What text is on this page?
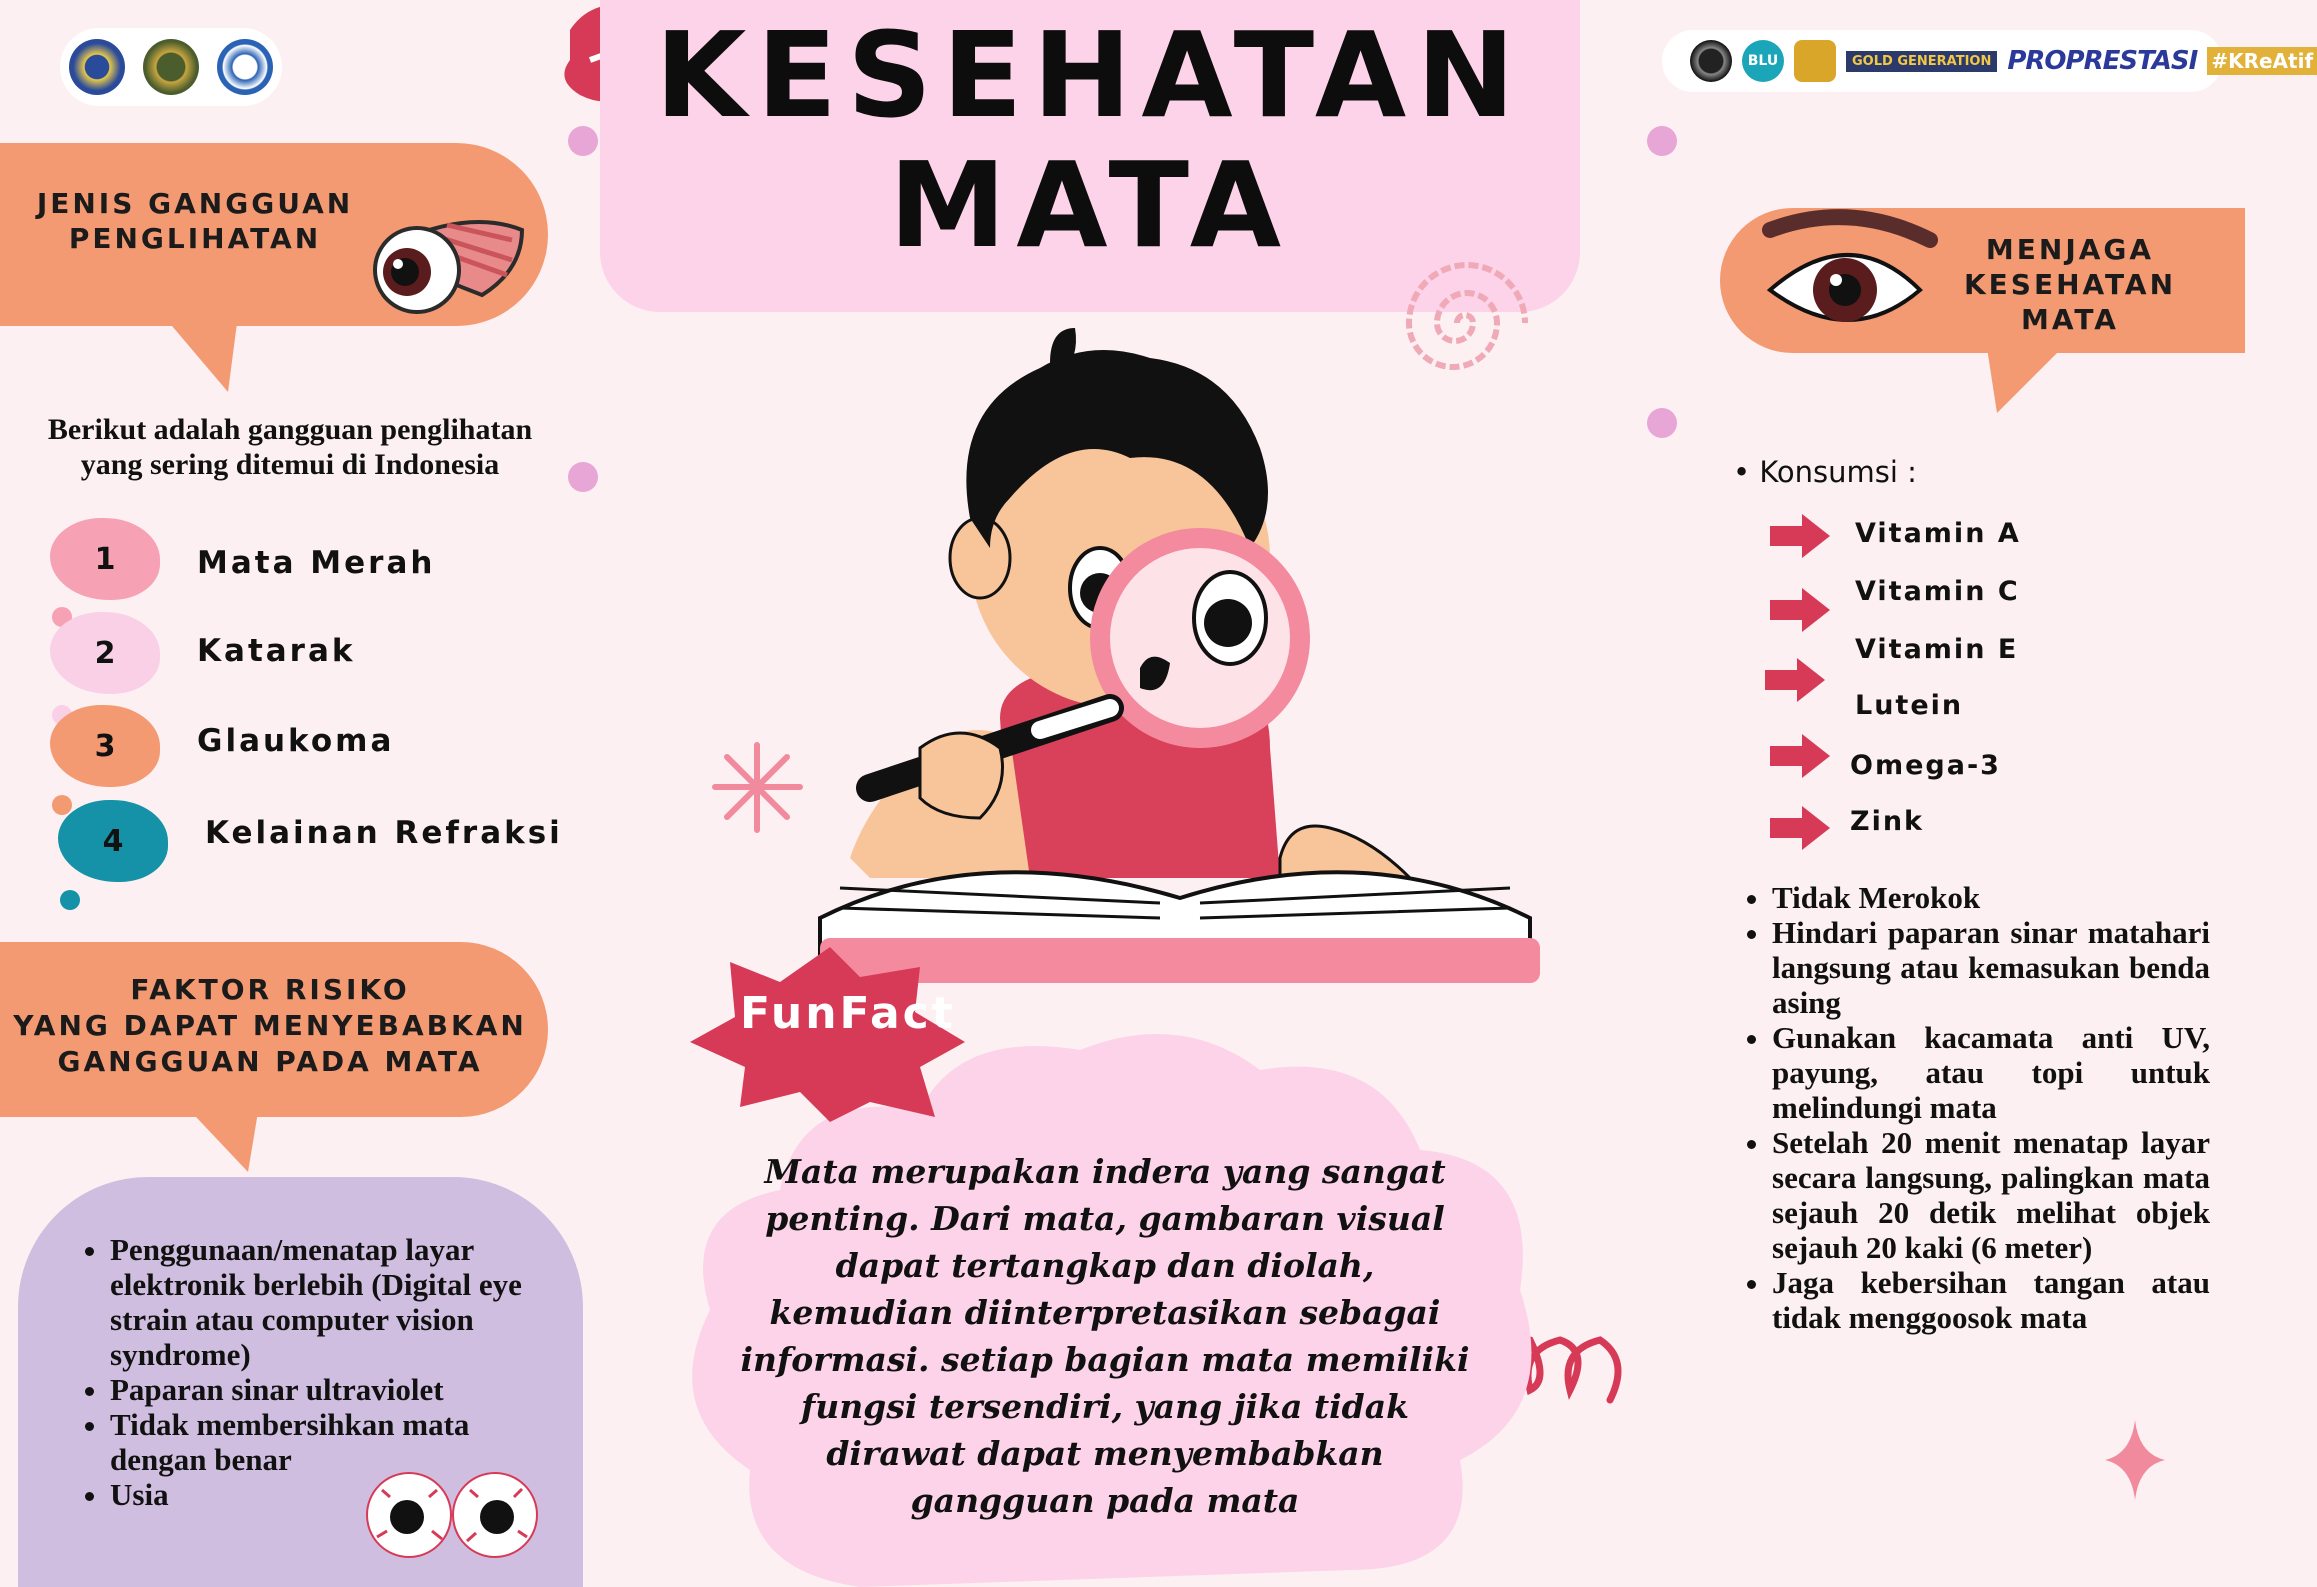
KESEHATAN
MATA
BLU	GOLD GENERATION PROPRESTASI #KReAtif
JENIS GANGGUAN
PENGLIHATAN
Berikut adalah gangguan penglihatan yang sering ditemui di Indonesia
1	Mata Merah
2	Katarak
3	Glaukoma
4	Kelainan Refraksi
FAKTOR RISIKO
YANG DAPAT MENYEBABKAN
GANGGUAN PADA MATA
• Penggunaan/menatap layar elektronik berlebih (Digital eye strain atau computer vision syndrome)
• Paparan sinar ultraviolet
• Tidak membersihkan mata dengan benar
• Usia
FunFact
Mata merupakan indera yang sangat penting. Dari mata, gambaran visual dapat tertangkap dan diolah, kemudian diinterpretasikan sebagai informasi. setiap bagian mata memiliki fungsi tersendiri, yang jika tidak dirawat dapat menyembabkan gangguan pada mata
MENJAGA
KESEHATAN
MATA
• Konsumsi :
Vitamin A
Vitamin C
Vitamin E
Lutein
Omega-3
Zink
• Tidak Merokok
• Hindari paparan sinar matahari langsung atau kemasukan benda asing
• Gunakan kacamata anti UV, payung, atau topi untuk melindungi mata
• Setelah 20 menit menatap layar secara langsung, palingkan mata sejauh 20 detik melihat objek sejauh 20 kaki (6 meter)
• Jaga kebersihan tangan atau tidak menggoosok mata
